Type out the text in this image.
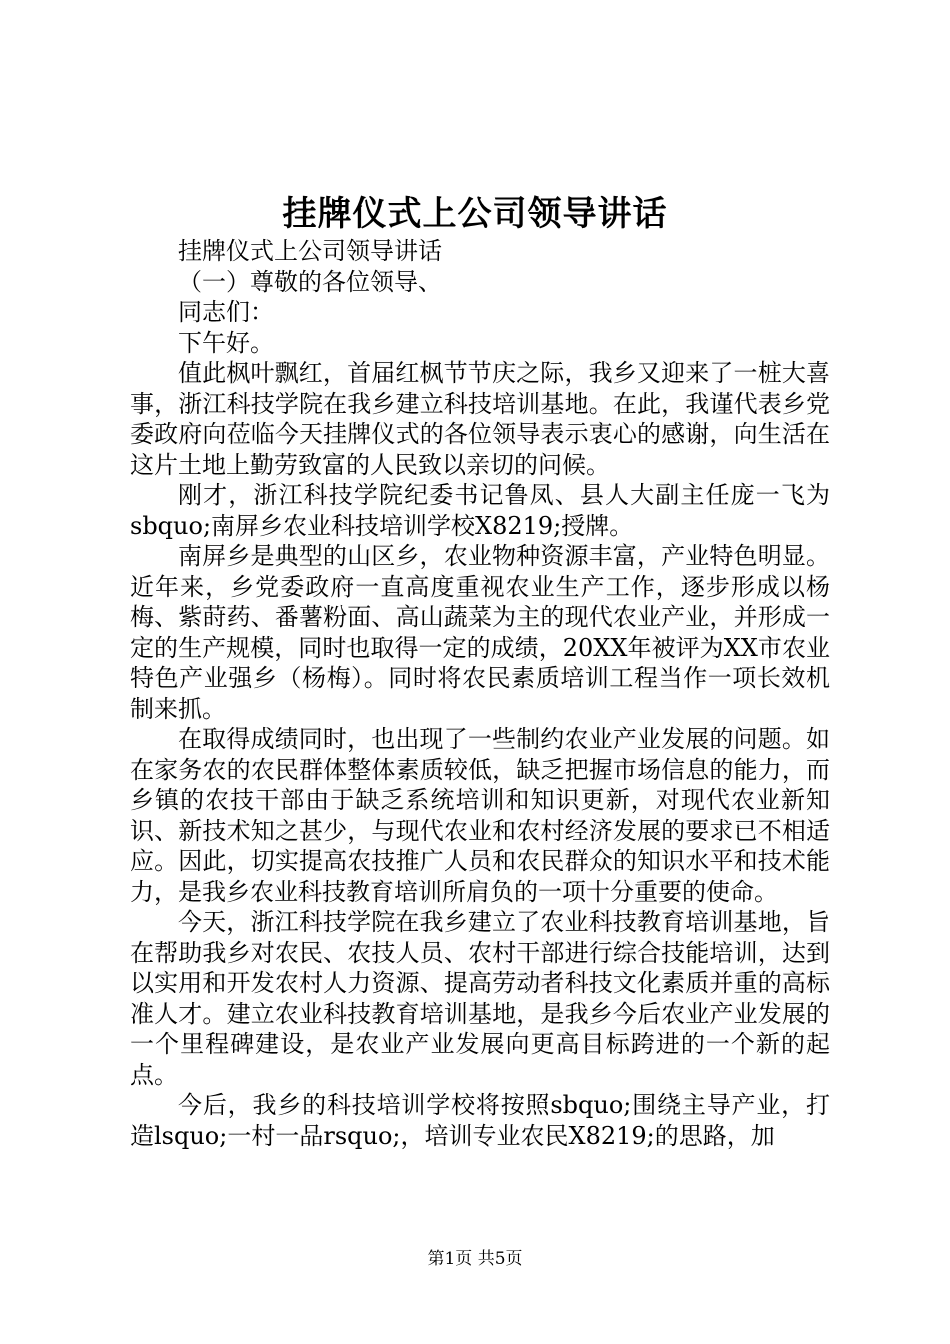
挂牌仪式上公司领导讲话

挂牌仪式上公司领导讲话

（一）尊敬的各位领导、

同志们：

下午好。

值此枫叶飘红，首届红枫节节庆之际，我乡又迎来了一桩大喜事，浙江科技学院在我乡建立科技培训基地。在此，我谨代表乡党委政府向莅临今天挂牌仪式的各位领导表示衷心的感谢，向生活在这片土地上勤劳致富的人民致以亲切的问候。

刚才，浙江科技学院纪委书记鲁凤、县人大副主任庞一飞为sbquo;南屏乡农业科技培训学校X8219;授牌。

南屏乡是典型的山区乡，农业物种资源丰富，产业特色明显。近年来，乡党委政府一直高度重视农业生产工作，逐步形成以杨梅、紫莳药、番薯粉面、高山蔬菜为主的现代农业产业，并形成一定的生产规模，同时也取得一定的成绩，20XX年被评为XX市农业特色产业强乡（杨梅）。同时将农民素质培训工程当作一项长效机制来抓。

在取得成绩同时，也出现了一些制约农业产业发展的问题。如在家务农的农民群体整体素质较低，缺乏把握市场信息的能力，而乡镇的农技干部由于缺乏系统培训和知识更新，对现代农业新知识、新技术知之甚少，与现代农业和农村经济发展的要求已不相适应。因此，切实提高农技推广人员和农民群众的知识水平和技术能力，是我乡农业科技教育培训所肩负的一项十分重要的使命。

今天，浙江科技学院在我乡建立了农业科技教育培训基地，旨在帮助我乡对农民、农技人员、农村干部进行综合技能培训，达到以实用和开发农村人力资源、提高劳动者科技文化素质并重的高标准人才。建立农业科技教育培训基地，是我乡今后农业产业发展的一个里程碑建设，是农业产业发展向更高目标跨进的一个新的起点。

今后，我乡的科技培训学校将按照sbquo;围绕主导产业，打造lsquo;一村一品rsquo;，培训专业农民X8219;的思路，加

第1页 共5页
